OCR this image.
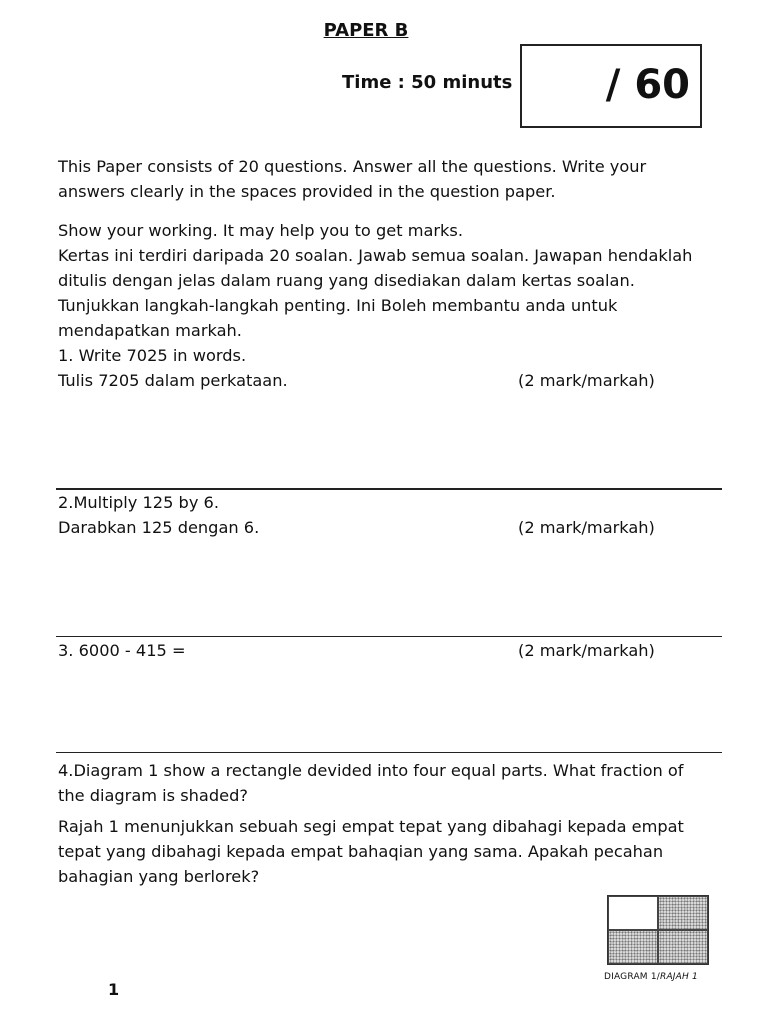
PAPER B
Time : 50 minuts / 60

This Paper consists of 20 questions. Answer all the questions. Write your

answers clearly in the spaces provided in the question paper.

Show your working. It may help you to get marks.

Kertas ini terdiri daripada 20 soalan. Jawab semua soalan. Jawapan hendaklah

ditulis dengan jelas dalam ruang yang disediakan dalam kertas soalan.

Tunjukkan langkah-langkah penting. Ini Boleh membantu anda untuk

mendapatkan markah.

1. Write 7025 in words.

Tulis 7205 dalam perkataan.	(2 mark/markah)

2.Multiply 125 by 6.

Darabkan 125 dengan 6.	(2 mark/markah)
3. 6000 - 415 =	(2 mark/markah)

4.Diagram 1 show a rectangle devided into four equal parts. What fraction of

the diagram is shaded?

Rajah 1 menunjukkan sebuah segi empat tepat yang dibahagi kepada empat

tepat yang dibahagi kepada empat bahaqian yang sama. Apakah pecahan

bahagian yang berlorek?

DIAGRAM 1/RAJAH 1
1
